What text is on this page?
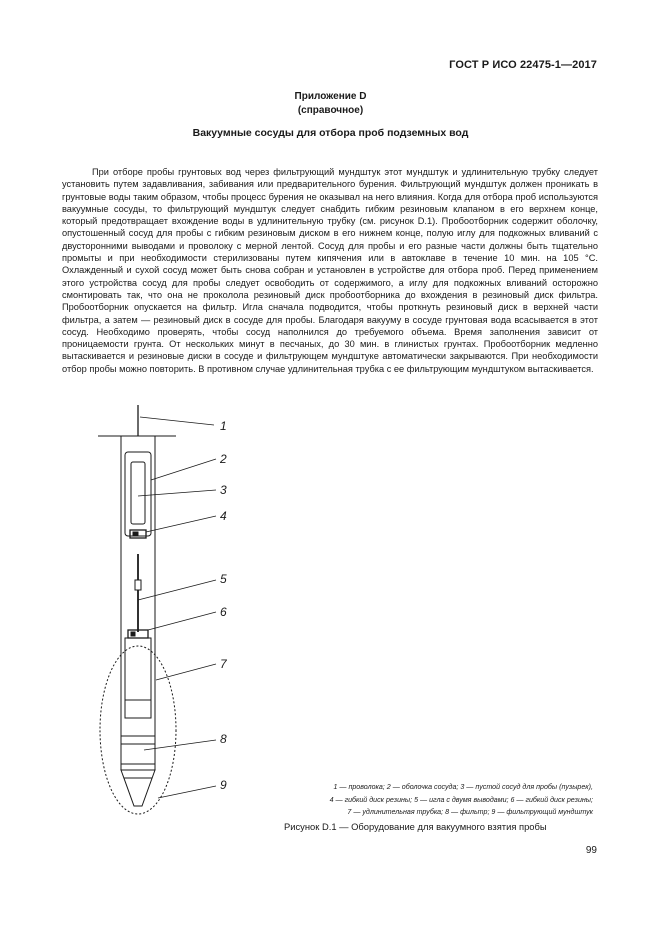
ГОСТ Р ИСО 22475-1—2017
Приложение D
(справочное)
Вакуумные сосуды для отбора проб подземных вод

При отборе пробы грунтовых вод через фильтрующий мундштук этот мундштук и удлинительную трубку следует установить путем задавливания, забивания или предварительного бурения. Фильтрующий мундштук должен проникать в грунтовые воды таким образом, чтобы процесс бурения не оказывал на него влияния. Когда для отбора проб используются вакуумные сосуды, то фильтрующий мундштук следует снабдить гибким резиновым клапаном в его верхнем конце, который предотвращает вхождение воды в удлинительную трубку (см. рисунок D.1). Пробоотборник содержит оболочку, опустошенный сосуд для пробы с гибким резиновым диском в его нижнем конце, полую иглу для подкожных вливаний с двусторонними выводами и проволоку с мерной лентой. Сосуд для пробы и его разные части должны быть тщательно промыты и при необходимости стерилизованы путем кипячения или в автоклаве в течение 10 мин. на 105 °С. Охлажденный и сухой сосуд может быть снова собран и установлен в устройстве для отбора проб. Перед применением этого устройства сосуд для пробы следует освободить от содержимого, а иглу для подкожных вливаний осторожно смонтировать так, что она не проколола резиновый диск пробоотборника до вхождения в резиновый диск фильтра. Пробоотборник опускается на фильтр. Игла сначала подводится, чтобы проткнуть резиновый диск в верхней части фильтра, а затем — резиновый диск в сосуде для пробы. Благодаря вакууму в сосуде грунтовая вода всасывается в этот сосуд. Необходимо проверять, чтобы сосуд наполнился до требуемого объема. Время заполнения зависит от проницаемости грунта. От нескольких минут в песчаных, до 30 мин. в глинистых грунтах. Пробоотборник медленно вытаскивается и резиновые диски в сосуде и фильтрующем мундштуке автоматически закрываются. При необходимости отбор пробы можно повторить. В противном случае удлинительная трубка с ее фильтрующим мундштуком вытаскивается.

1
2
3
4
5
6
7
8
9	1 — проволока; 2 — оболочка сосуда; 3 — пустой сосуд для пробы (пузырек),
4 — гибкий диск резины; 5 — игла с двумя выводами; 6 — гибкий диск резины;
7 — удлинительная трубка; 8 — фильтр; 9 — фильтрующий мундштук
Рисунок D.1 — Оборудование для вакуумного взятия пробы
99
